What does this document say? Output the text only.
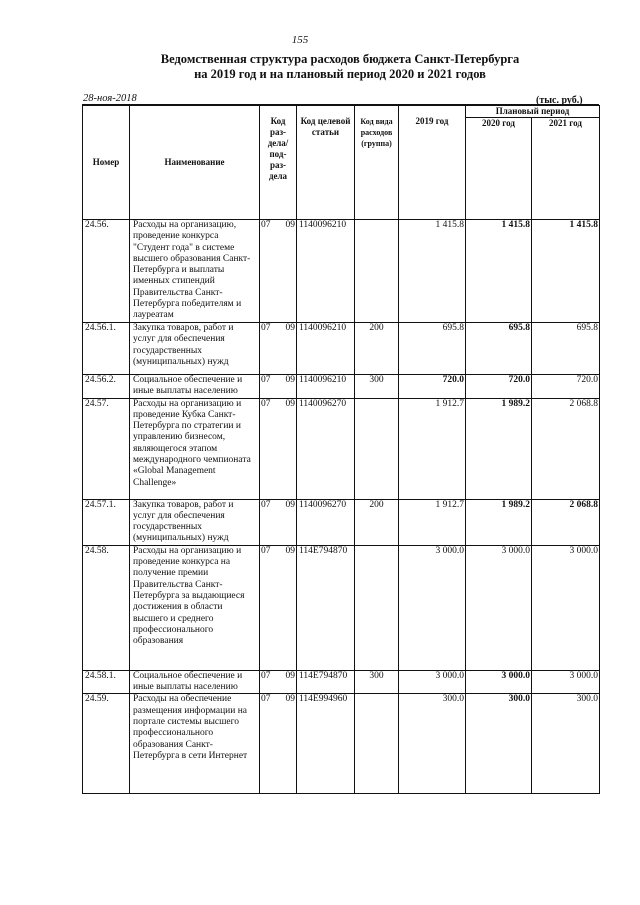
155
Ведомственная структура расходов бюджета Санкт-Петербурга
на 2019 год и на плановый период 2020 и 2021 годов
28-ноя-2018	(тыс. руб.)
Номер	Наименование	Код раз-дела/ под-раз-дела	Код целевой статьи	Код вида расходов (группа)	2019 год	Плановый период	
						2020 год	2021 год
24.56.	Расходы на организацию, проведение конкурса "Студент года" в системе высшего образования Санкт-Петербурга и выплаты именных стипендий Правительства Санкт-Петербурга победителям и лауреатам	07 09	1140096210		1 415.8	1 415.8	1 415.8
24.56.1.	Закупка товаров, работ и услуг для обеспечения государственных (муниципальных) нужд	07 09	1140096210	200	695.8	695.8	695.8
24.56.2.	Социальное обеспечение и иные выплаты населению	07 09	1140096210	300	720.0	720.0	720.0
24.57.	Расходы на организацию и проведение Кубка Санкт-Петербурга по стратегии и управлению бизнесом, являющегося этапом международного чемпионата «Global Management Challenge»	07 09	1140096270		1 912.7	1 989.2	2 068.8
24.57.1.	Закупка товаров, работ и услуг для обеспечения государственных (муниципальных) нужд	07 09	1140096270	200	1 912.7	1 989.2	2 068.8
24.58.	Расходы на организацию и проведение конкурса на получение премии Правительства Санкт-Петербурга за выдающиеся достижения в области высшего и среднего профессионального образования	07 09	114E794870		3 000.0	3 000.0	3 000.0
24.58.1.	Социальное обеспечение и иные выплаты населению	07 09	114E794870	300	3 000.0	3 000.0	3 000.0
24.59.	Расходы на обеспечение размещения информации на портале системы высшего профессионального образования Санкт-Петербурга в сети Интернет	07 09	114E994960		300.0	300.0	300.0
